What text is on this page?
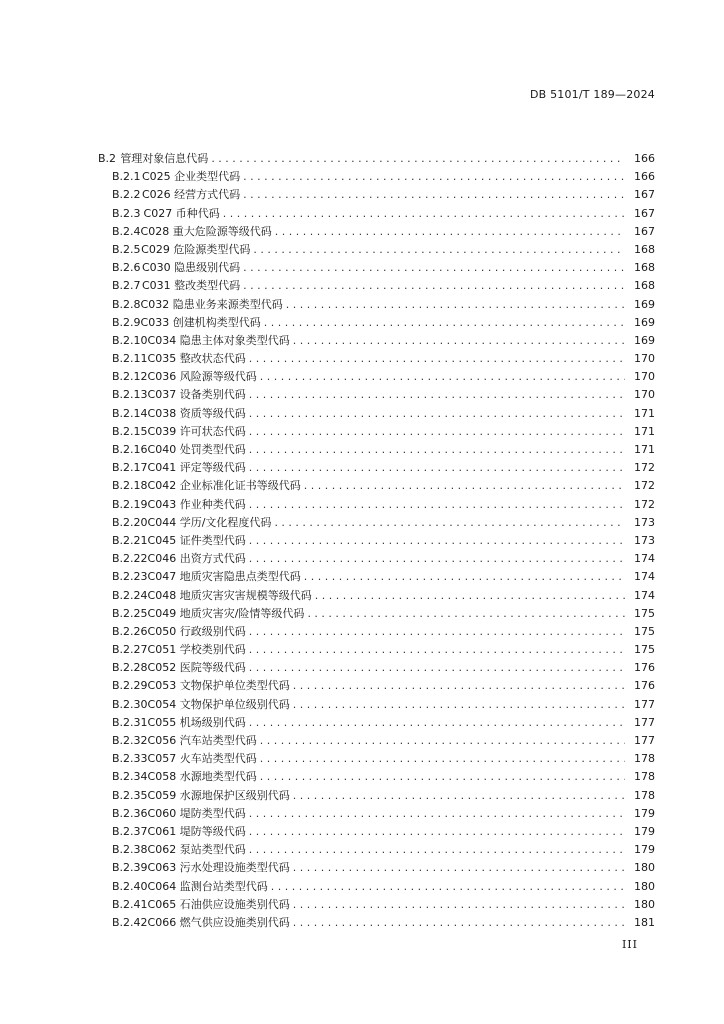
DB 5101/T 189—2024
B.2 管理对象信息代码 . . .	166
B.2.1 C025 企业类型代码 . . .	166
B.2.2 C026 经营方式代码 . . .	167
B.2.3 C027 币种代码 . . .	167
B.2.4 C028 重大危险源等级代码 . . .	167
B.2.5 C029 危险源类型代码 . . .	168
B.2.6 C030 隐患级别代码 . . .	168
B.2.7 C031 整改类型代码 . . .	168
B.2.8 C032 隐患业务来源类型代码 . . .	169
B.2.9 C033 创建机构类型代码 . . .	169
B.2.10 C034 隐患主体对象类型代码 . . .	169
B.2.11 C035 整改状态代码 . . .	170
B.2.12 C036 风险源等级代码 . . .	170
B.2.13 C037 设备类别代码 . . .	170
B.2.14 C038 资质等级代码 . . .	171
B.2.15 C039 许可状态代码 . . .	171
B.2.16 C040 处罚类型代码 . . .	171
B.2.17 C041 评定等级代码 . . .	172
B.2.18 C042 企业标准化证书等级代码 . . .	172
B.2.19 C043 作业种类代码 . . .	172
B.2.20 C044 学历/文化程度代码 . . .	173
B.2.21 C045 证件类型代码 . . .	173
B.2.22 C046 出资方式代码 . . .	174
B.2.23 C047 地质灾害隐患点类型代码 . . .	174
B.2.24 C048 地质灾害灾害规模等级代码 . . .	174
B.2.25 C049 地质灾害灾/险情等级代码 . . .	175
B.2.26 C050 行政级别代码 . . .	175
B.2.27 C051 学校类别代码 . . .	175
B.2.28 C052 医院等级代码 . . .	176
B.2.29 C053 文物保护单位类型代码 . . .	176
B.2.30 C054 文物保护单位级别代码 . . .	177
B.2.31 C055 机场级别代码 . . .	177
B.2.32 C056 汽车站类型代码 . . .	177
B.2.33 C057 火车站类型代码 . . .	178
B.2.34 C058 水源地类型代码 . . .	178
B.2.35 C059 水源地保护区级别代码 . . .	178
B.2.36 C060 堤防类型代码 . . .	179
B.2.37 C061 堤防等级代码 . . .	179
B.2.38 C062 泵站类型代码 . . .	179
B.2.39 C063 污水处理设施类型代码 . . .	180
B.2.40 C064 监测台站类型代码 . . .	180
B.2.41 C065 石油供应设施类别代码 . . .	180
B.2.42 C066 燃气供应设施类别代码 . . .	181
III
